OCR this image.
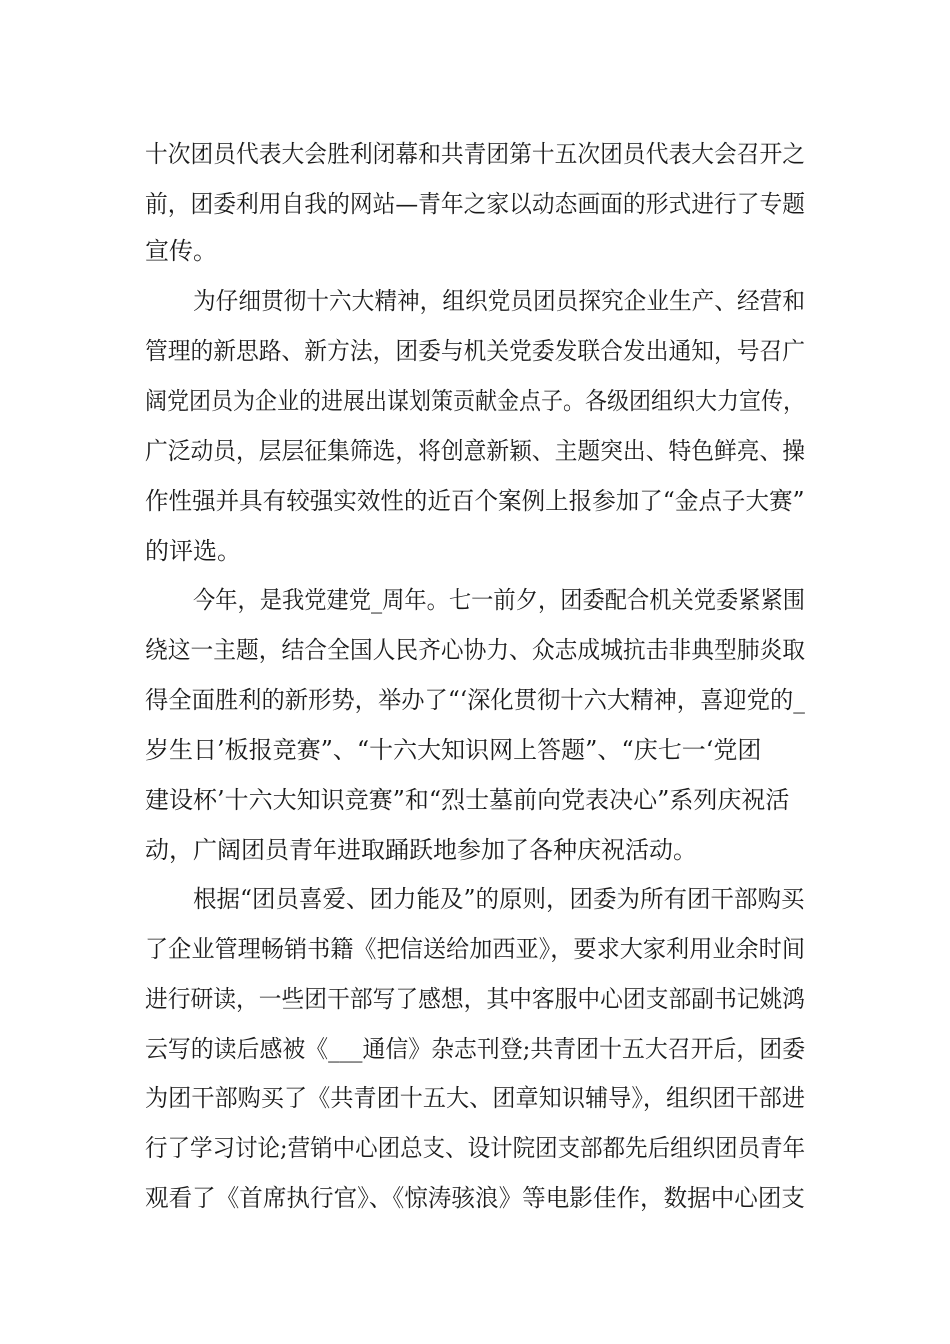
十次团员代表大会胜利闭幕和共青团第十五次团员代表大会召开之
前，团委利用自我的网站—青年之家以动态画面的形式进行了专题
宣传。
为仔细贯彻十六大精神，组织党员团员探究企业生产、经营和
管理的新思路、新方法，团委与机关党委发联合发出通知，号召广
阔党团员为企业的进展出谋划策贡献金点子。各级团组织大力宣传，
广泛动员，层层征集筛选，将创意新颖、主题突出、特色鲜亮、操
作性强并具有较强实效性的近百个案例上报参加了“金点子大赛”
的评选。
今年，是我党建党_周年。七一前夕，团委配合机关党委紧紧围
绕这一主题，结合全国人民齐心协力、众志成城抗击非典型肺炎取
得全面胜利的新形势，举办了“‘深化贯彻十六大精神，喜迎党的_
岁生日’板报竞赛”、“十六大知识网上答题”、“庆七一‘党团
建设杯’十六大知识竞赛”和“烈士墓前向党表决心”系列庆祝活
动，广阔团员青年进取踊跃地参加了各种庆祝活动。
根据“团员喜爱、团力能及”的原则，团委为所有团干部购买
了企业管理畅销书籍《把信送给加西亚》，要求大家利用业余时间
进行研读，一些团干部写了感想，其中客服中心团支部副书记姚鸿
云写的读后感被《___通信》杂志刊登;共青团十五大召开后，团委
为团干部购买了《共青团十五大、团章知识辅导》，组织团干部进
行了学习讨论;营销中心团总支、设计院团支部都先后组织团员青年
观看了《首席执行官》、《惊涛骇浪》等电影佳作，数据中心团支
